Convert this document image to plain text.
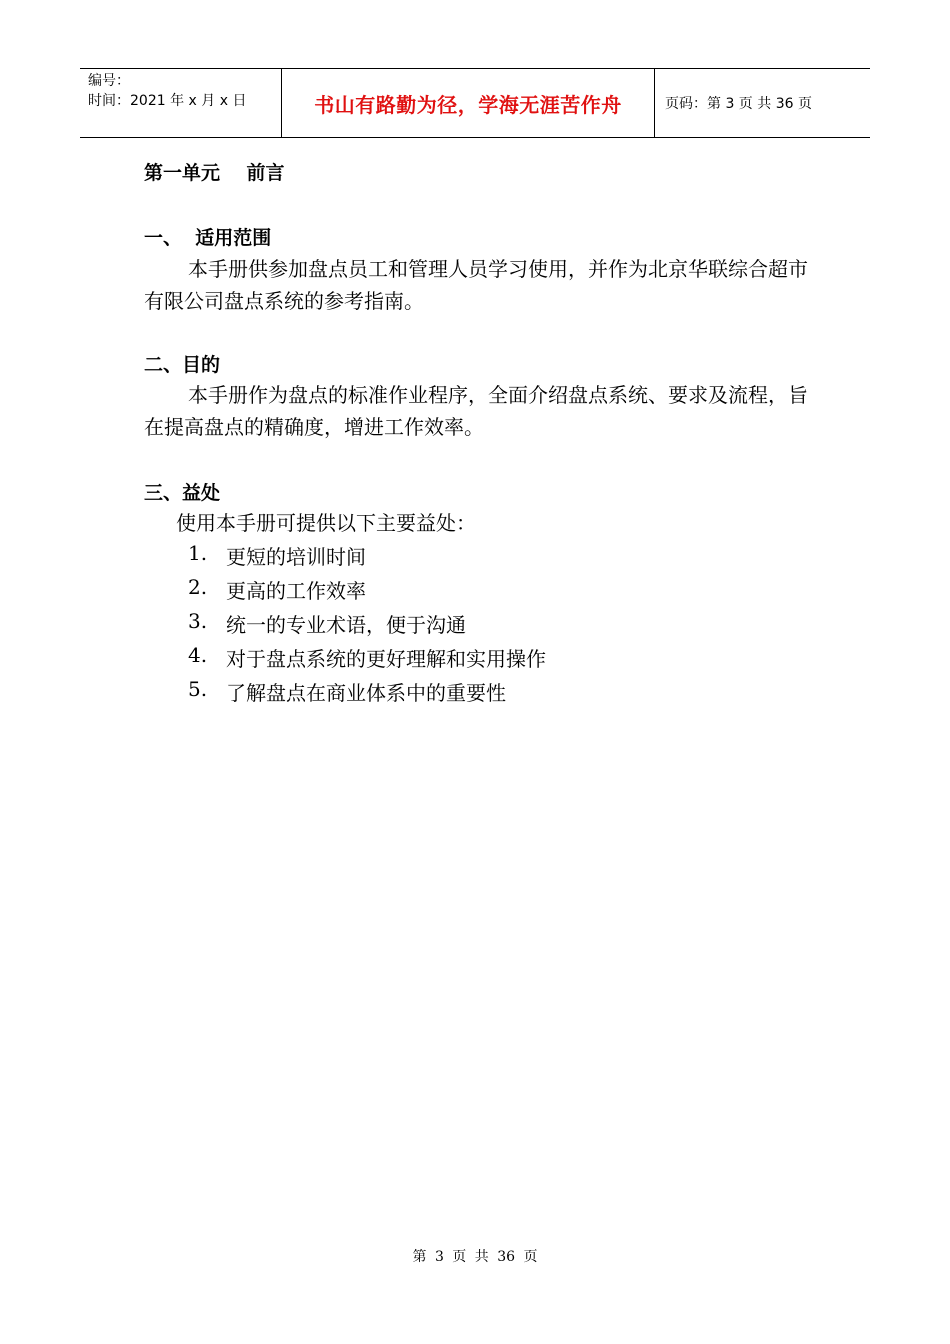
编号：
时间：2021 年 x 月 x 日	书山有路勤为径，学海无涯苦作舟	页码：第 3 页 共 36 页
第一单元    前言
一、  适用范围
本手册供参加盘点员工和管理人员学习使用，并作为北京华联综合超市有限公司盘点系统的参考指南。
二、目的
本手册作为盘点的标准作业程序，全面介绍盘点系统、要求及流程，旨在提高盘点的精确度，增进工作效率。
三、益处
使用本手册可提供以下主要益处：
1. 更短的培训时间
2. 更高的工作效率
3. 统一的专业术语，便于沟通
4. 对于盘点系统的更好理解和实用操作
5. 了解盘点在商业体系中的重要性
第 3 页 共 36 页
